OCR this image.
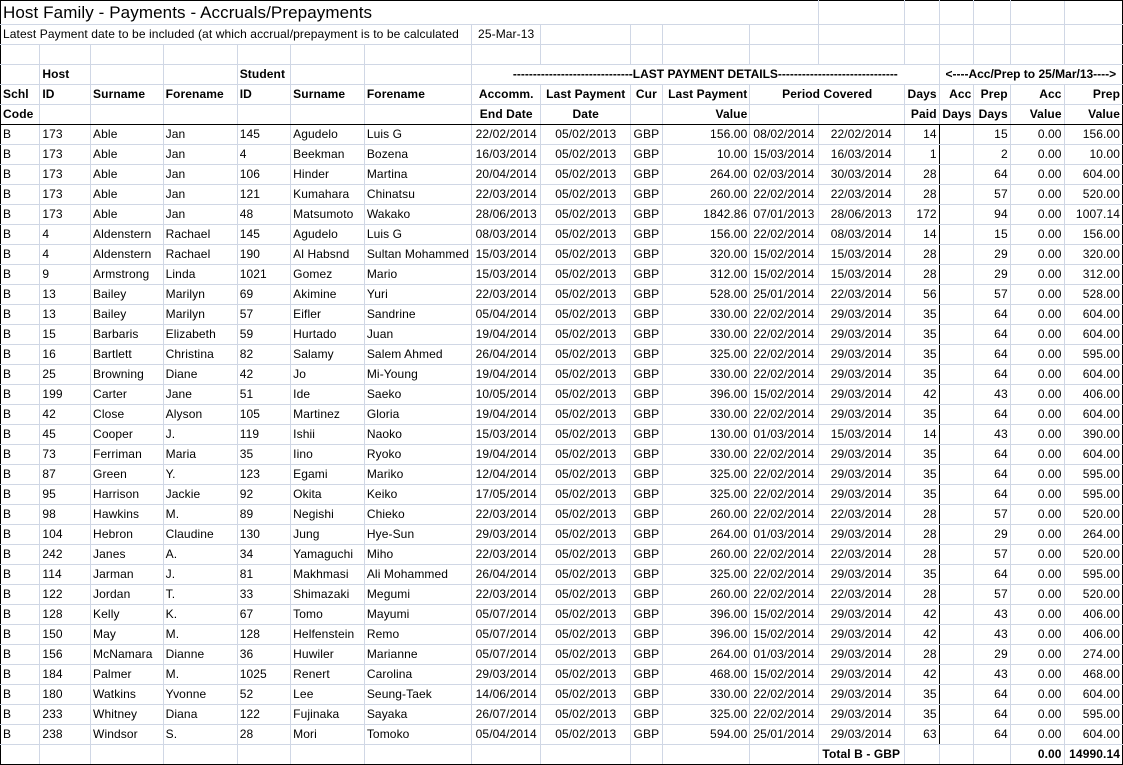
Host Family - Payments - Accruals/Prepayments																	
Latest Payment date to be included (at which accrual/prepayment is to be calculated							25-Mar-13										

	Host			Student			------------------------------LAST PAYMENT DETAILS------------------------------							<----Acc/Prep to 25/Mar/13---->			
Schl	ID	Surname	Forename	ID	Surname	Forename	Accomm.	Last Payment	Cur	Last Payment	Period Covered		Days	Acc	Prep	Acc	Prep
Code							End Date	Date		Value			Paid	Days	Days	Value	Value
B	173	Able	Jan	145	Agudelo	Luis G	22/02/2014	05/02/2013	GBP	156.00	08/02/2014	22/02/2014	14		15	0.00	156.00
B	173	Able	Jan	4	Beekman	Bozena	16/03/2014	05/02/2013	GBP	10.00	15/03/2014	16/03/2014	1		2	0.00	10.00
B	173	Able	Jan	106	Hinder	Martina	20/04/2014	05/02/2013	GBP	264.00	02/03/2014	30/03/2014	28		64	0.00	604.00
B	173	Able	Jan	121	Kumahara	Chinatsu	22/03/2014	05/02/2013	GBP	260.00	22/02/2014	22/03/2014	28		57	0.00	520.00
B	173	Able	Jan	48	Matsumoto	Wakako	28/06/2013	05/02/2013	GBP	1842.86	07/01/2013	28/06/2013	172		94	0.00	1007.14
B	4	Aldenstern	Rachael	145	Agudelo	Luis G	08/03/2014	05/02/2013	GBP	156.00	22/02/2014	08/03/2014	14		15	0.00	156.00
B	4	Aldenstern	Rachael	190	Al Habsnd	Sultan Mohammed	15/03/2014	05/02/2013	GBP	320.00	15/02/2014	15/03/2014	28		29	0.00	320.00
B	9	Armstrong	Linda	1021	Gomez	Mario	15/03/2014	05/02/2013	GBP	312.00	15/02/2014	15/03/2014	28		29	0.00	312.00
B	13	Bailey	Marilyn	69	Akimine	Yuri	22/03/2014	05/02/2013	GBP	528.00	25/01/2014	22/03/2014	56		57	0.00	528.00
B	13	Bailey	Marilyn	57	Eifler	Sandrine	05/04/2014	05/02/2013	GBP	330.00	22/02/2014	29/03/2014	35		64	0.00	604.00
B	15	Barbaris	Elizabeth	59	Hurtado	Juan	19/04/2014	05/02/2013	GBP	330.00	22/02/2014	29/03/2014	35		64	0.00	604.00
B	16	Bartlett	Christina	82	Salamy	Salem Ahmed	26/04/2014	05/02/2013	GBP	325.00	22/02/2014	29/03/2014	35		64	0.00	595.00
B	25	Browning	Diane	42	Jo	Mi-Young	19/04/2014	05/02/2013	GBP	330.00	22/02/2014	29/03/2014	35		64	0.00	604.00
B	199	Carter	Jane	51	Ide	Saeko	10/05/2014	05/02/2013	GBP	396.00	15/02/2014	29/03/2014	42		43	0.00	406.00
B	42	Close	Alyson	105	Martinez	Gloria	19/04/2014	05/02/2013	GBP	330.00	22/02/2014	29/03/2014	35		64	0.00	604.00
B	45	Cooper	J.	119	Ishii	Naoko	15/03/2014	05/02/2013	GBP	130.00	01/03/2014	15/03/2014	14		43	0.00	390.00
B	73	Ferriman	Maria	35	Iino	Ryoko	19/04/2014	05/02/2013	GBP	330.00	22/02/2014	29/03/2014	35		64	0.00	604.00
B	87	Green	Y.	123	Egami	Mariko	12/04/2014	05/02/2013	GBP	325.00	22/02/2014	29/03/2014	35		64	0.00	595.00
B	95	Harrison	Jackie	92	Okita	Keiko	17/05/2014	05/02/2013	GBP	325.00	22/02/2014	29/03/2014	35		64	0.00	595.00
B	98	Hawkins	M.	89	Negishi	Chieko	22/03/2014	05/02/2013	GBP	260.00	22/02/2014	22/03/2014	28		57	0.00	520.00
B	104	Hebron	Claudine	130	Jung	Hye-Sun	29/03/2014	05/02/2013	GBP	264.00	01/03/2014	29/03/2014	28		29	0.00	264.00
B	242	Janes	A.	34	Yamaguchi	Miho	22/03/2014	05/02/2013	GBP	260.00	22/02/2014	22/03/2014	28		57	0.00	520.00
B	114	Jarman	J.	81	Makhmasi	Ali Mohammed	26/04/2014	05/02/2013	GBP	325.00	22/02/2014	29/03/2014	35		64	0.00	595.00
B	122	Jordan	T.	33	Shimazaki	Megumi	22/03/2014	05/02/2013	GBP	260.00	22/02/2014	22/03/2014	28		57	0.00	520.00
B	128	Kelly	K.	67	Tomo	Mayumi	05/07/2014	05/02/2013	GBP	396.00	15/02/2014	29/03/2014	42		43	0.00	406.00
B	150	May	M.	128	Helfenstein	Remo	05/07/2014	05/02/2013	GBP	396.00	15/02/2014	29/03/2014	42		43	0.00	406.00
B	156	McNamara	Dianne	36	Huwiler	Marianne	05/07/2014	05/02/2013	GBP	264.00	01/03/2014	29/03/2014	28		29	0.00	274.00
B	184	Palmer	M.	1025	Renert	Carolina	29/03/2014	05/02/2013	GBP	468.00	15/02/2014	29/03/2014	42		43	0.00	468.00
B	180	Watkins	Yvonne	52	Lee	Seung-Taek	14/06/2014	05/02/2013	GBP	330.00	22/02/2014	29/03/2014	35		64	0.00	604.00
B	233	Whitney	Diana	122	Fujinaka	Sayaka	26/07/2014	05/02/2013	GBP	325.00	22/02/2014	29/03/2014	35		64	0.00	595.00
B	238	Windsor	S.	28	Mori	Tomoko	05/04/2014	05/02/2013	GBP	594.00	25/01/2014	29/03/2014	63		64	0.00	604.00
												Total B - GBP				0.00	14990.14
